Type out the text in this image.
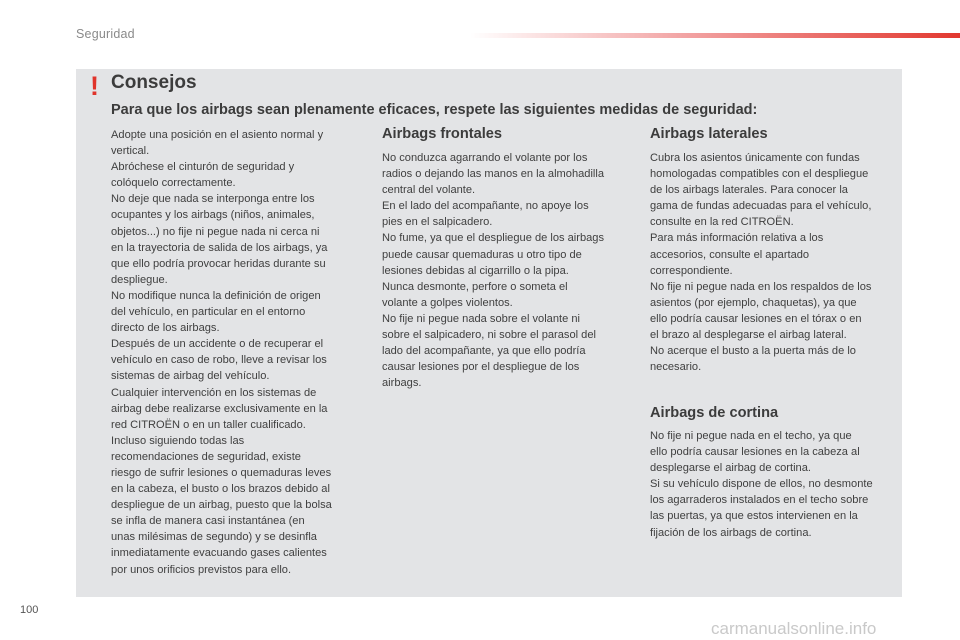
Seguridad
! Consejos
Para que los airbags sean plenamente eficaces, respete las siguientes medidas de seguridad:

Adopte una posición en el asiento normal y

vertical.

Abróchese el cinturón de seguridad y

colóquelo correctamente.

No deje que nada se interponga entre los

ocupantes y los airbags (niños, animales,

objetos...) no fije ni pegue nada ni cerca ni

en la trayectoria de salida de los airbags, ya

que ello podría provocar heridas durante su

despliegue.

No modifique nunca la definición de origen

del vehículo, en particular en el entorno

directo de los airbags.

Después de un accidente o de recuperar el

vehículo en caso de robo, lleve a revisar los

sistemas de airbag del vehículo.

Cualquier intervención en los sistemas de

airbag debe realizarse exclusivamente en la

red CITROËN o en un taller cualificado.

Incluso siguiendo todas las

recomendaciones de seguridad, existe

riesgo de sufrir lesiones o quemaduras leves

en la cabeza, el busto o los brazos debido al

despliegue de un airbag, puesto que la bolsa

se infla de manera casi instantánea (en

unas milésimas de segundo) y se desinfla

inmediatamente evacuando gases calientes

por unos orificios previstos para ello.

Airbags frontales

No conduzca agarrando el volante por los

radios o dejando las manos en la almohadilla

central del volante.

En el lado del acompañante, no apoye los

pies en el salpicadero.

No fume, ya que el despliegue de los airbags

puede causar quemaduras u otro tipo de

lesiones debidas al cigarrillo o la pipa.

Nunca desmonte, perfore o someta el

volante a golpes violentos.

No fije ni pegue nada sobre el volante ni

sobre el salpicadero, ni sobre el parasol del

lado del acompañante, ya que ello podría

causar lesiones por el despliegue de los

airbags.

Airbags laterales

Cubra los asientos únicamente con fundas

homologadas compatibles con el despliegue

de los airbags laterales. Para conocer la

gama de fundas adecuadas para el vehículo,

consulte en la red CITROËN.

Para más información relativa a los

accesorios, consulte el apartado

correspondiente.

No fije ni pegue nada en los respaldos de los

asientos (por ejemplo, chaquetas), ya que

ello podría causar lesiones en el tórax o en

el brazo al desplegarse el airbag lateral.

No acerque el busto a la puerta más de lo

necesario.

Airbags de cortina

No fije ni pegue nada en el techo, ya que

ello podría causar lesiones en la cabeza al

desplegarse el airbag de cortina.

Si su vehículo dispone de ellos, no desmonte

los agarraderos instalados en el techo sobre

las puertas, ya que estos intervienen en la

fijación de los airbags de cortina.

100
carmanualsonline.info
